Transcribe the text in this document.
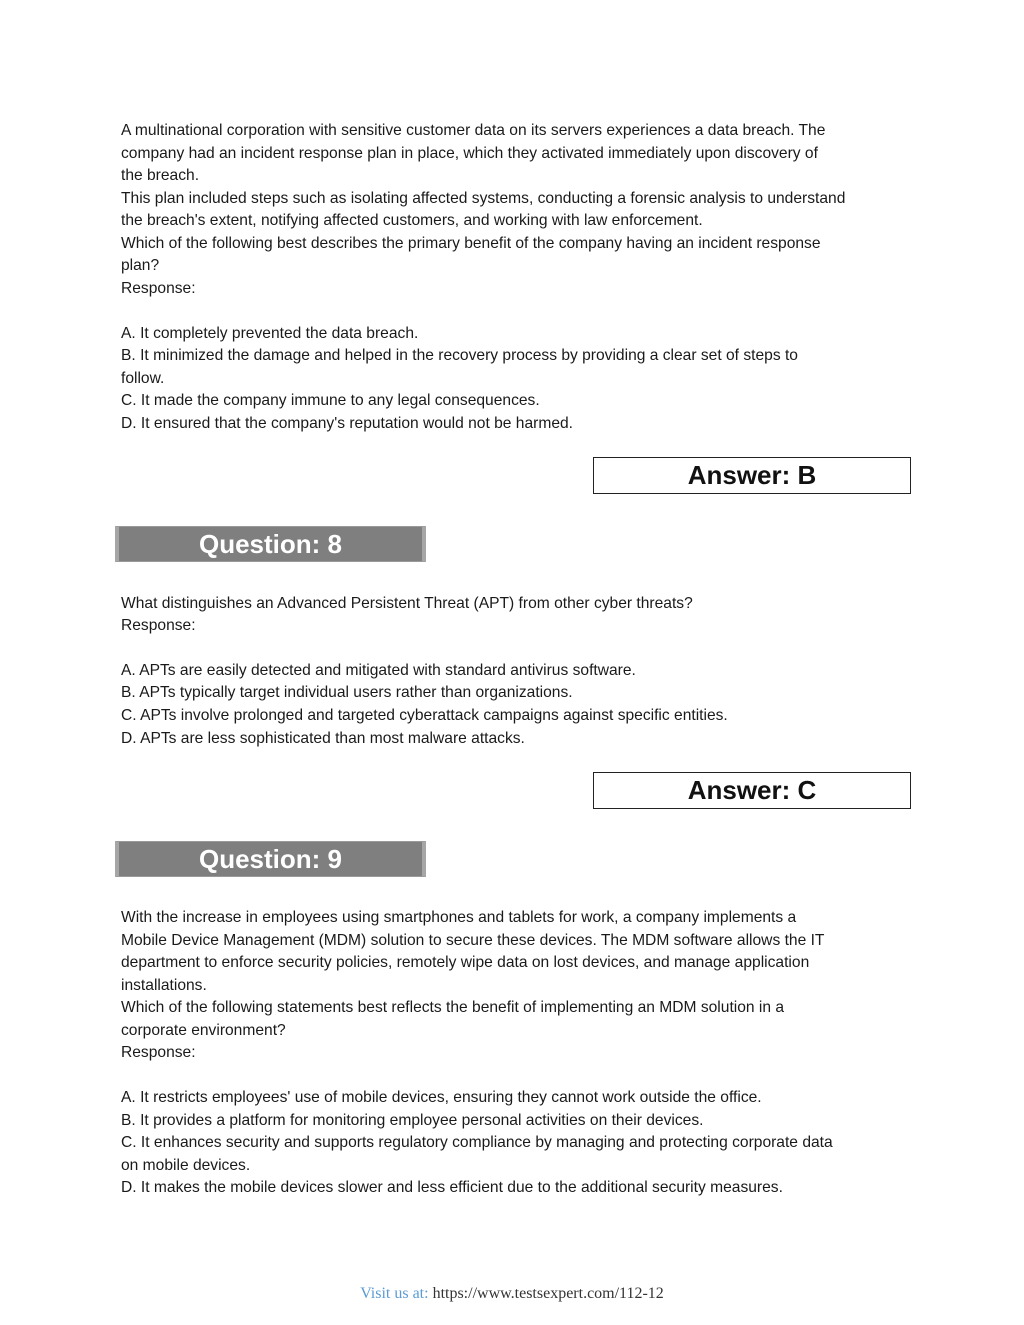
A multinational corporation with sensitive customer data on its servers experiences a data breach. The
company had an incident response plan in place, which they activated immediately upon discovery of
the breach.
This plan included steps such as isolating affected systems, conducting a forensic analysis to understand
the breach's extent, notifying affected customers, and working with law enforcement.
Which of the following best describes the primary benefit of the company having an incident response
plan?
Response:
A. It completely prevented the data breach.
B. It minimized the damage and helped in the recovery process by providing a clear set of steps to
follow.
C. It made the company immune to any legal consequences.
D. It ensured that the company's reputation would not be harmed.
Answer: B
Question: 8
What distinguishes an Advanced Persistent Threat (APT) from other cyber threats?
Response:
A. APTs are easily detected and mitigated with standard antivirus software.
B. APTs typically target individual users rather than organizations.
C. APTs involve prolonged and targeted cyberattack campaigns against specific entities.
D. APTs are less sophisticated than most malware attacks.
Answer: C
Question: 9
With the increase in employees using smartphones and tablets for work, a company implements a
Mobile Device Management (MDM) solution to secure these devices. The MDM software allows the IT
department to enforce security policies, remotely wipe data on lost devices, and manage application
installations.
Which of the following statements best reflects the benefit of implementing an MDM solution in a
corporate environment?
Response:
A. It restricts employees' use of mobile devices, ensuring they cannot work outside the office.
B. It provides a platform for monitoring employee personal activities on their devices.
C. It enhances security and supports regulatory compliance by managing and protecting corporate data
on mobile devices.
D. It makes the mobile devices slower and less efficient due to the additional security measures.
Visit us at: https://www.testsexpert.com/112-12
